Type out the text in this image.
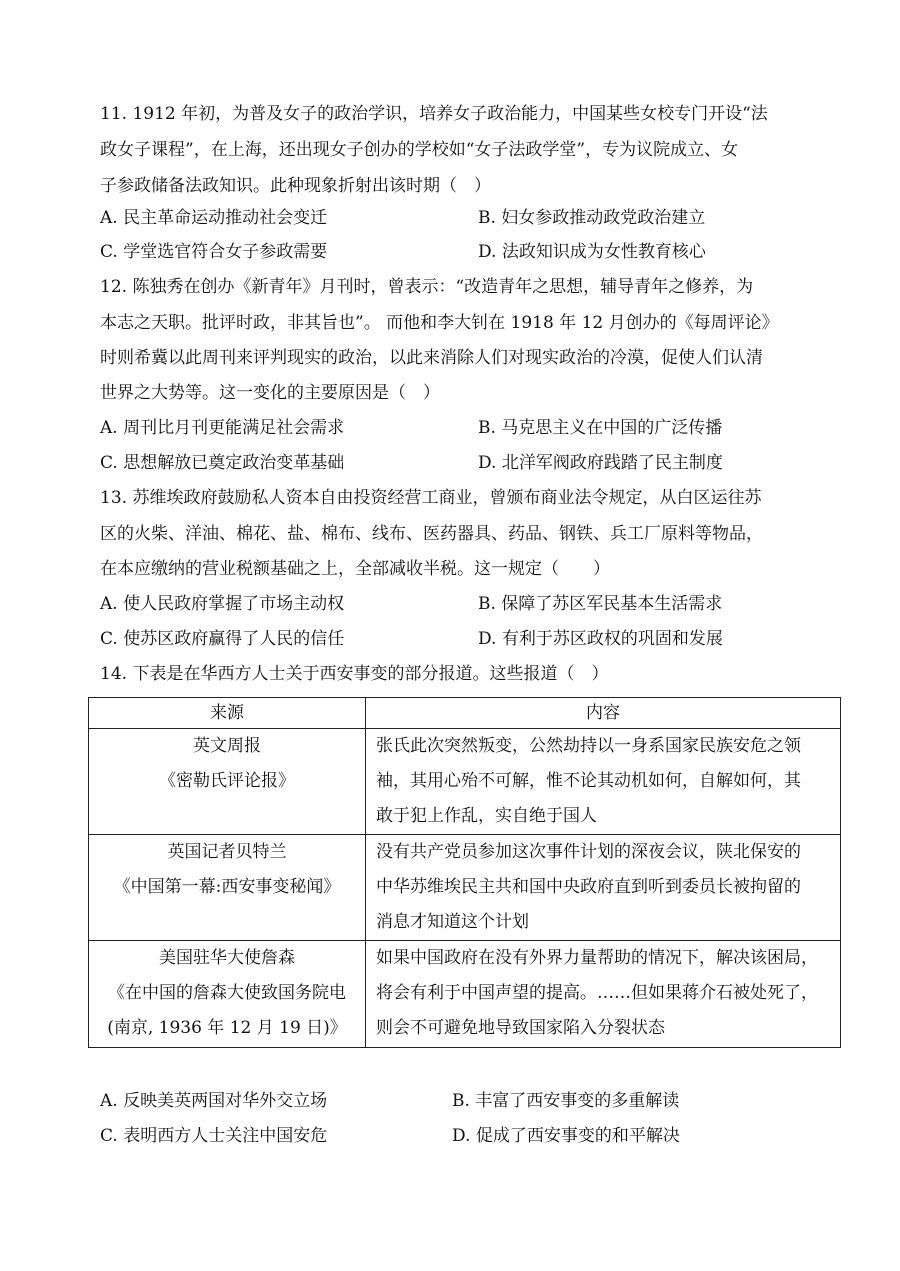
11. 1912 年初，为普及女子的政治学识，培养女子政治能力，中国某些女校专门开设“法
政女子课程”，在上海，还出现女子创办的学校如“女子法政学堂”，专为议院成立、女
子参政储备法政知识。此种现象折射出该时期（　）
A. 民主革命运动推动社会变迁	B. 妇女参政推动政党政治建立
C. 学堂选官符合女子参政需要	D. 法政知识成为女性教育核心
12. 陈独秀在创办《新青年》月刊时，曾表示：“改造青年之思想，辅导青年之修养，为
本志之天职。批评时政，非其旨也”。 而他和李大钊在 1918 年 12 月创办的《每周评论》
时则希冀以此周刊来评判现实的政治，以此来消除人们对现实政治的冷漠，促使人们认清
世界之大势等。这一变化的主要原因是（　）
A. 周刊比月刊更能满足社会需求	B. 马克思主义在中国的广泛传播
C. 思想解放已奠定政治变革基础	D. 北洋军阀政府践踏了民主制度
13. 苏维埃政府鼓励私人资本自由投资经营工商业，曾颁布商业法令规定，从白区运往苏
区的火柴、洋油、棉花、盐、棉布、线布、医药器具、药品、钢铁、兵工厂原料等物品，
在本应缴纳的营业税额基础之上，全部减收半税。这一规定（　　）
A. 使人民政府掌握了市场主动权	B. 保障了苏区军民基本生活需求
C. 使苏区政府赢得了人民的信任	D. 有利于苏区政权的巩固和发展
14. 下表是在华西方人士关于西安事变的部分报道。这些报道（　）
来源	内容

英文周报
《密勒氏评论报》	张氏此次突然叛变，公然劫持以一身系国家民族安危之领
袖，其用心殆不可解，惟不论其动机如何，自解如何，其
敢于犯上作乱，实自绝于国人

英国记者贝特兰
《中国第一幕:西安事变秘闻》	没有共产党员参加这次事件计划的深夜会议，陕北保安的
中华苏维埃民主共和国中央政府直到听到委员长被拘留的
消息才知道这个计划

美国驻华大使詹森
《在中国的詹森大使致国务院电
(南京, 1936 年 12 月 19 日)》	如果中国政府在没有外界力量帮助的情况下，解决该困局，
将会有利于中国声望的提高。……但如果蒋介石被处死了，
则会不可避免地导致国家陷入分裂状态
A. 反映美英两国对华外交立场	B. 丰富了西安事变的多重解读
C. 表明西方人士关注中国安危	D. 促成了西安事变的和平解决
